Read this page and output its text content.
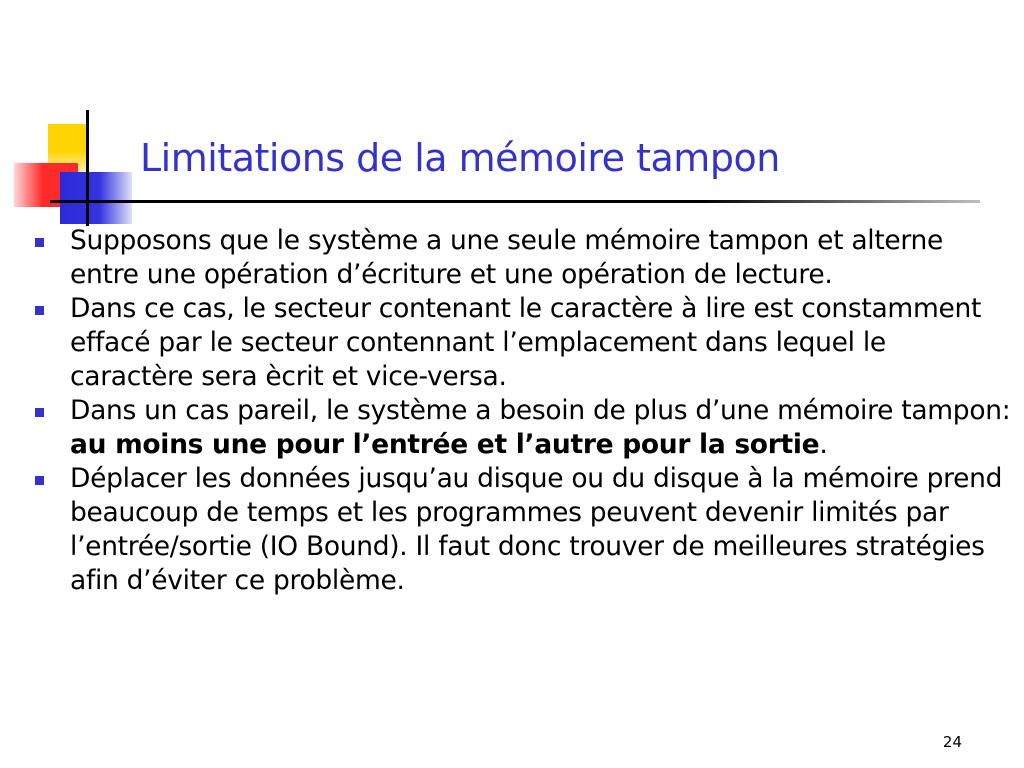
Limitations de la mémoire tampon
Supposons que le système a une seule mémoire tampon et alterne entre une opération d’écriture et une opération de lecture.
Dans ce cas, le secteur contenant le caractère à lire est constamment effacé par le secteur contennant l’emplacement dans lequel le caractère sera ècrit et vice-versa.
Dans un cas pareil, le système a besoin de plus d’une mémoire tampon: au moins une pour l’entrée et l’autre pour la sortie.
Déplacer les données jusqu’au disque ou du disque à la mémoire prend beaucoup de temps et les programmes peuvent devenir limités par l’entrée/sortie (IO Bound). Il faut donc trouver de meilleures stratégies afin d’éviter ce problème.
24
